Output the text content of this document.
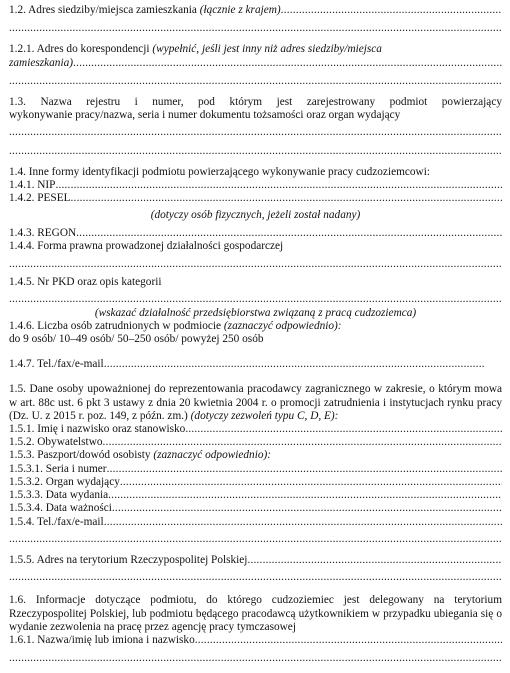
1.2. Adres siedziby/miejsca zamieszkania
(łącznie z krajem)
.....
.....
1.2.1. Adres do korespondencji
(wypełnić, jeśli jest inny niż adres siedziby/miejsca
zamieszkania)
.....
.....
1.3. Nazwa rejestru i numer, pod którym jest zarejestrowany podmiot powierzający
wykonywanie pracy/nazwa, seria i numer dokumentu tożsamości oraz organ wydający
.....
.....
1.4. Inne formy identyfikacji podmiotu powierzającego wykonywanie pracy cudzoziemcowi:
1.4.1. NIP
.....
1.4.2. PESEL
.....
(dotyczy osób fizycznych, jeżeli został nadany)
1.4.3. REGON
.....
1.4.4. Forma prawna prowadzonej działalności gospodarczej
.....
1.4.5. Nr PKD oraz opis kategorii
.....
(wskazać działalność przedsiębiorstwa związaną z pracą cudzoziemca)
1.4.6. Liczba osób zatrudnionych w podmiocie
(zaznaczyć odpowiednio):
do 9 osób/ 10–49 osób/ 50–250 osób/ powyżej 250 osób
1.4.7. Tel./fax/e-mail
.....
1.5. Dane osoby upoważnionej do reprezentowania pracodawcy zagranicznego w zakresie, o którym mowa w art. 88c ust. 6 pkt 3 ustawy z dnia 20 kwietnia 2004 r. o promocji zatrudnienia i instytucjach rynku pracy (Dz. U. z 2015 r. poz. 149, z późn. zm.) (dotyczy zezwoleń typu C, D, E):
1.5.1. Imię i nazwisko oraz stanowisko
.....
1.5.2. Obywatelstwo
.....
1.5.3. Paszport/dowód osobisty
(zaznaczyć odpowiednio):
1.5.3.1. Seria i numer
.....
1.5.3.2. Organ wydający
.....
1.5.3.3. Data wydania
.....
1.5.3.4. Data ważności
.....
1.5.4. Tel./fax/e-mail
.....
.....
1.5.5. Adres na terytorium Rzeczypospolitej Polskiej
.....
.....
1.6. Informacje dotyczące podmiotu, do którego cudzoziemiec jest delegowany na terytorium Rzeczypospolitej Polskiej, lub podmiotu będącego pracodawcą użytkownikiem w przypadku ubiegania się o wydanie zezwolenia na pracę przez agencję pracy tymczasowej
1.6.1. Nazwa/imię lub imiona i nazwisko
.....
.....
